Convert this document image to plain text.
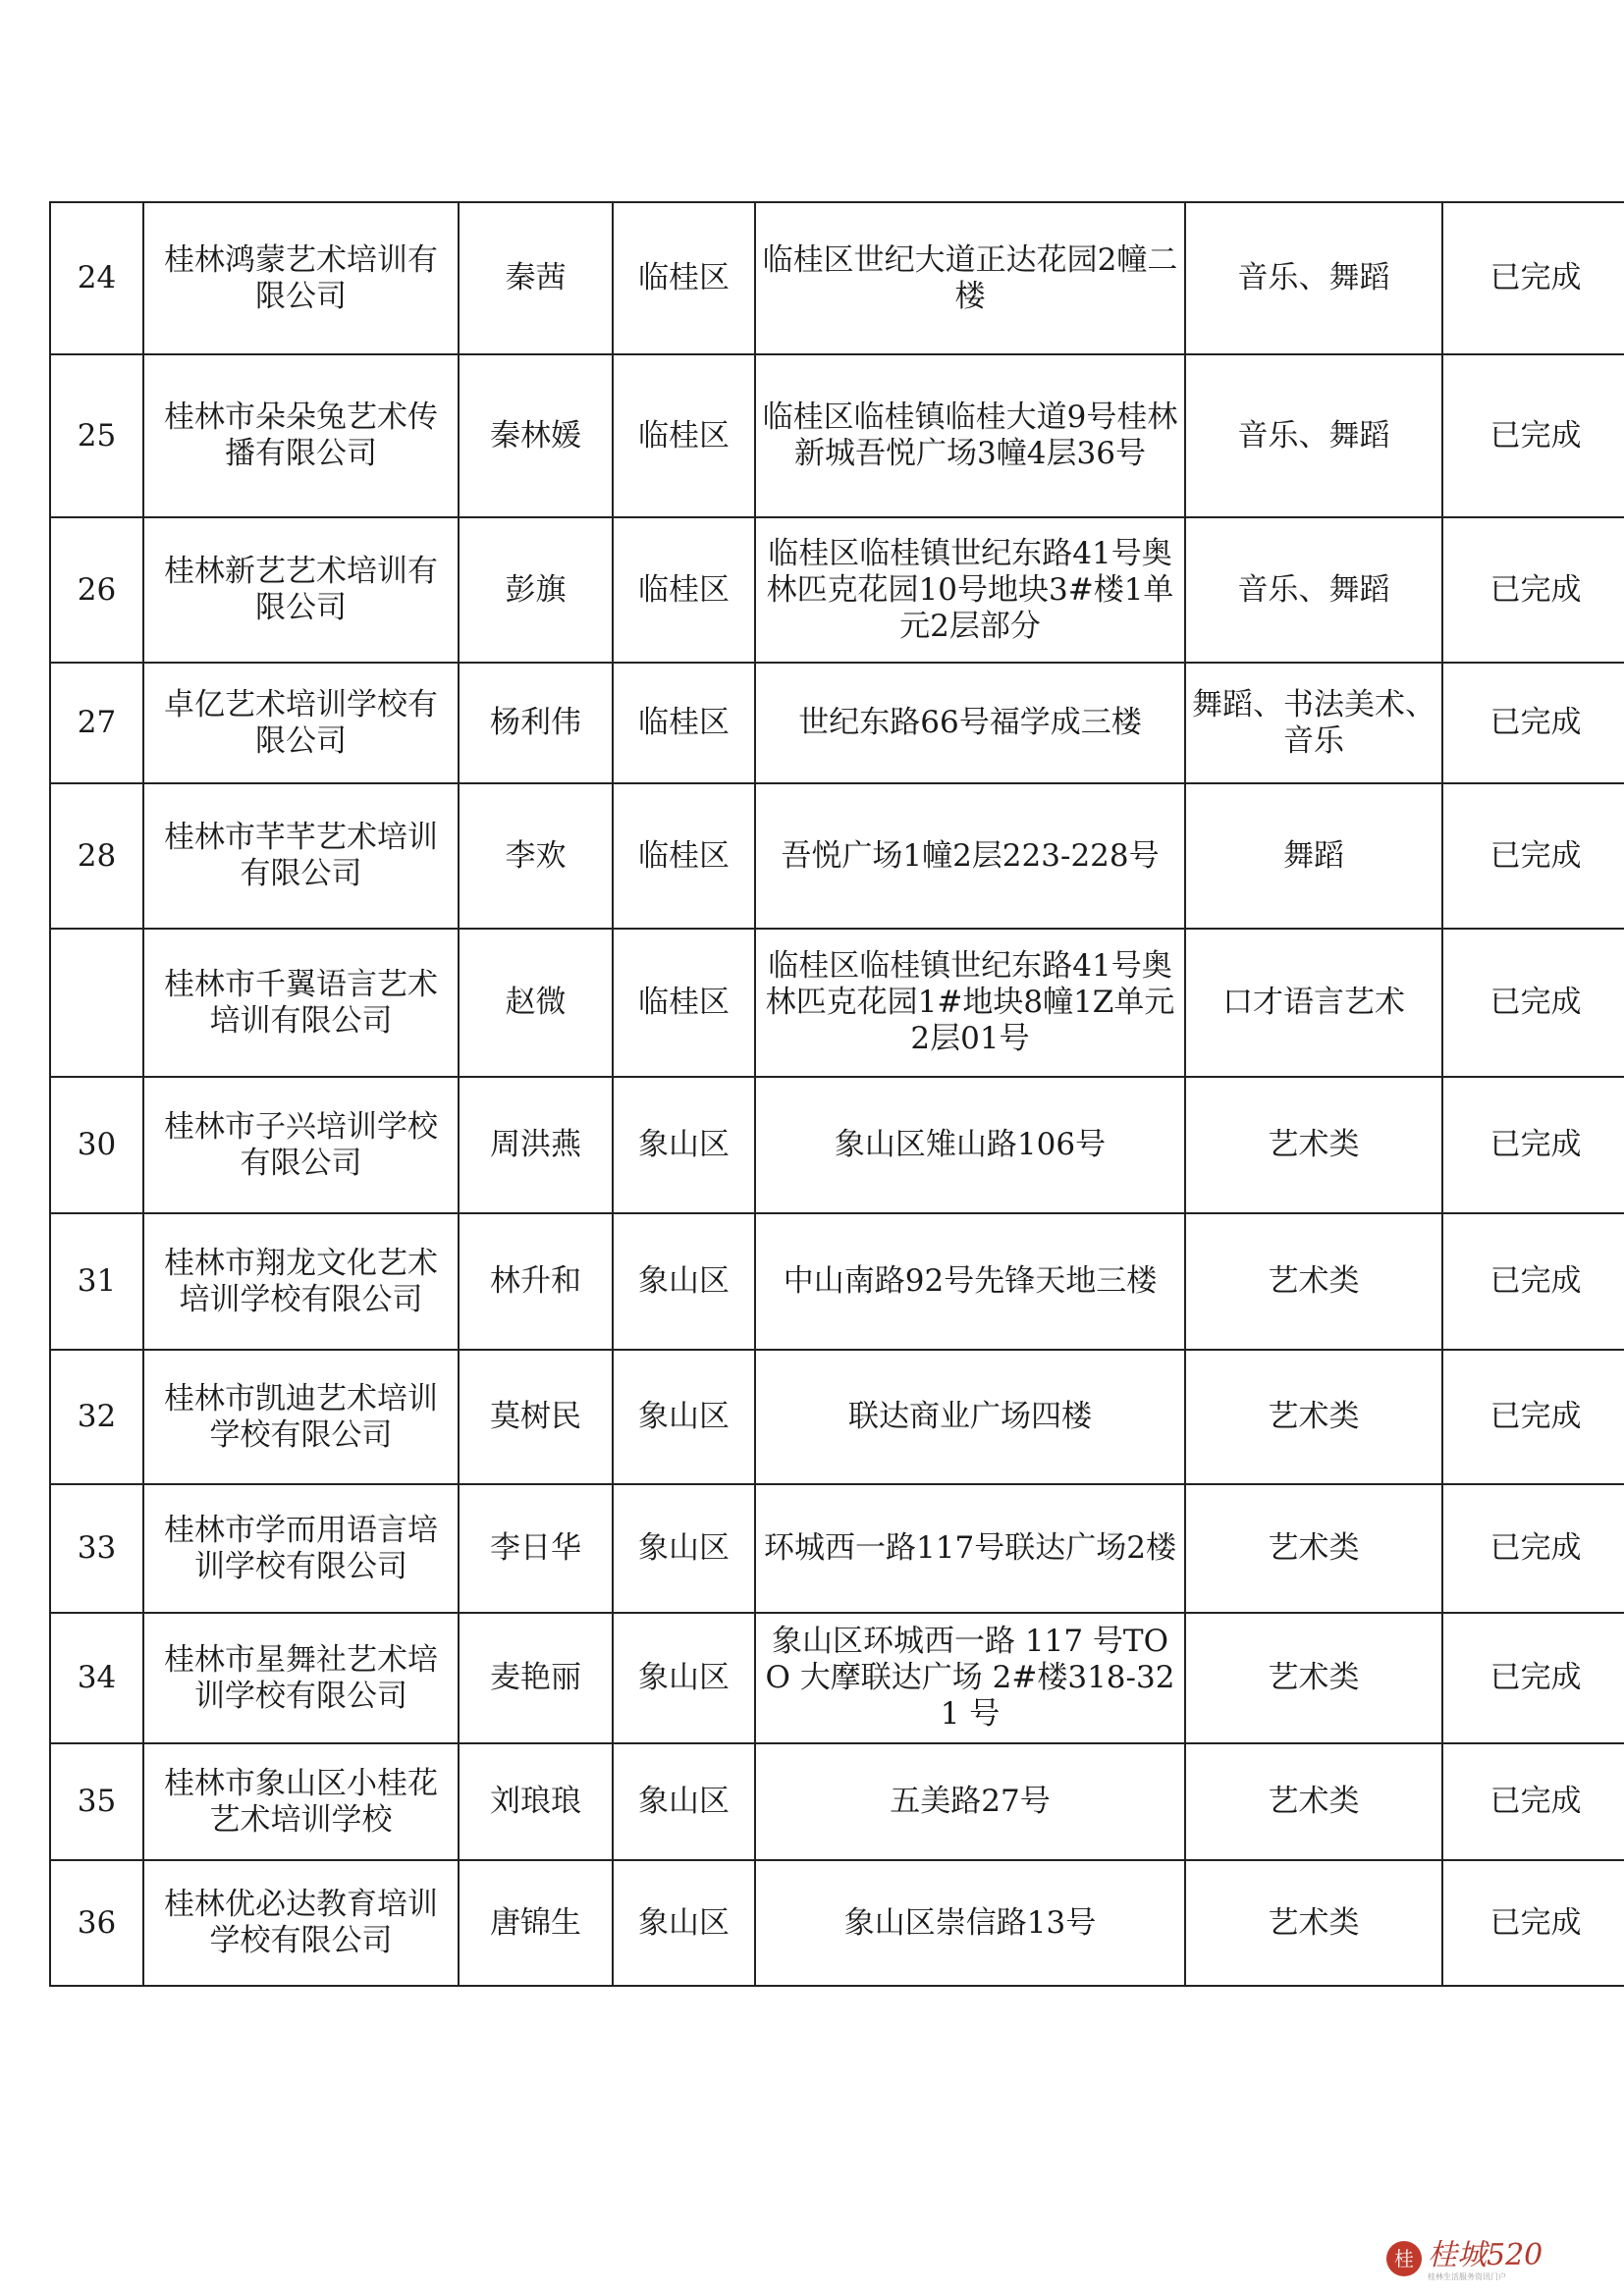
24	桂林鸿蒙艺术培训有限公司	秦茜	临桂区	临桂区世纪大道正达花园2幢二楼	音乐、舞蹈	已完成
25	桂林市朵朵兔艺术传播有限公司	秦林媛	临桂区	临桂区临桂镇临桂大道9号桂林新城吾悦广场3幢4层36号	音乐、舞蹈	已完成
26	桂林新艺艺术培训有限公司	彭旗	临桂区	临桂区临桂镇世纪东路41号奥林匹克花园10号地块3#楼1单元2层部分	音乐、舞蹈	已完成
27	卓亿艺术培训学校有限公司	杨利伟	临桂区	世纪东路66号福学成三楼	舞蹈、书法美术、音乐	已完成
28	桂林市芊芊艺术培训有限公司	李欢	临桂区	吾悦广场1幢2层223-228号	舞蹈	已完成
	桂林市千翼语言艺术培训有限公司	赵微	临桂区	临桂区临桂镇世纪东路41号奥林匹克花园1#地块8幢1Z单元2层01号	口才语言艺术	已完成
30	桂林市子兴培训学校有限公司	周洪燕	象山区	象山区雉山路106号	艺术类	已完成
31	桂林市翔龙文化艺术培训学校有限公司	林升和	象山区	中山南路92号先锋天地三楼	艺术类	已完成
32	桂林市凯迪艺术培训学校有限公司	莫树民	象山区	联达商业广场四楼	艺术类	已完成
33	桂林市学而用语言培训学校有限公司	李日华	象山区	环城西一路117号联达广场2楼	艺术类	已完成
34	桂林市星舞社艺术培训学校有限公司	麦艳丽	象山区	象山区环城西一路 117 号TOO 大摩联达广场 2#楼318-321 号	艺术类	已完成
35	桂林市象山区小桂花艺术培训学校	刘琅琅	象山区	五美路27号	艺术类	已完成
36	桂林优必达教育培训学校有限公司	唐锦生	象山区	象山区崇信路13号	艺术类	已完成
桂 桂城520
桂林生活服务资讯门户
